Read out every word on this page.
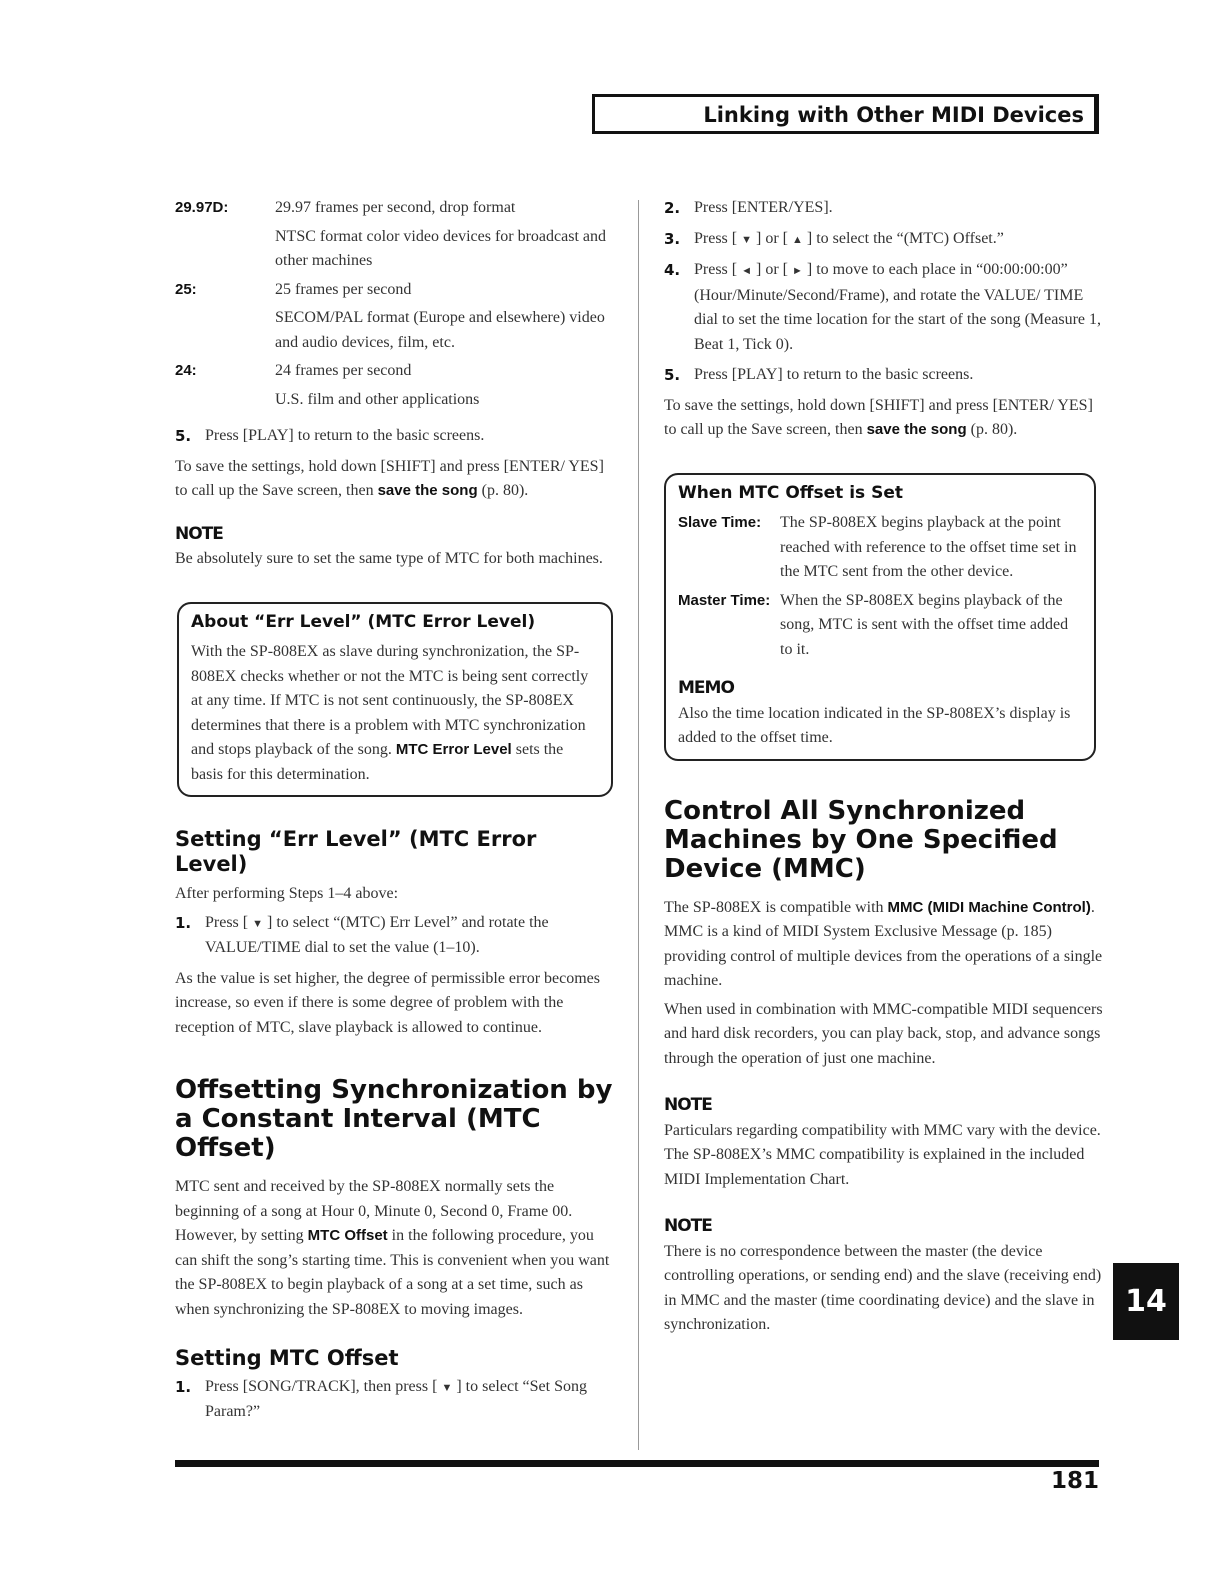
Linking with Other MIDI Devices
29.97D:	29.97 frames per second, drop format
NTSC format color video devices for broadcast and other machines
25:	25 frames per second
SECOM/PAL format (Europe and elsewhere) video and audio devices, film, etc.
24:	24 frames per second
U.S. film and other applications
5. Press [PLAY] to return to the basic screens.

To save the settings, hold down [SHIFT] and press [ENTER/ YES] to call up the Save screen, then save the song (p. 80).

NOTE

Be absolutely sure to set the same type of MTC for both machines.

About “Err Level” (MTC Error Level)

With the SP-808EX as slave during synchronization, the SP-808EX checks whether or not the MTC is being sent correctly at any time. If MTC is not sent continuously, the SP-808EX determines that there is a problem with MTC synchronization and stops playback of the song. MTC Error Level sets the basis for this determination.

Setting “Err Level” (MTC Error Level)

After performing Steps 1–4 above:

1. Press [ ▼ ] to select “(MTC) Err Level” and rotate the VALUE/TIME dial to set the value (1–10).

As the value is set higher, the degree of permissible error becomes increase, so even if there is some degree of problem with the reception of MTC, slave playback is allowed to continue.

Offsetting Synchronization by a Constant Interval (MTC Offset)

MTC sent and received by the SP-808EX normally sets the beginning of a song at Hour 0, Minute 0, Second 0, Frame 00. However, by setting MTC Offset in the following procedure, you can shift the song’s starting time. This is convenient when you want the SP-808EX to begin playback of a song at a set time, such as when synchronizing the SP-808EX to moving images.

Setting MTC Offset
1. Press [SONG/TRACK], then press [ ▼ ] to select “Set Song Param?”
2. Press [ENTER/YES].
3. Press [ ▼ ] or [ ▲ ] to select the “(MTC) Offset.”
4. Press [ ◄ ] or [ ► ] to move to each place in “00:00:00:00” (Hour/Minute/Second/Frame), and rotate the VALUE/ TIME dial to set the time location for the start of the song (Measure 1, Beat 1, Tick 0).
5. Press [PLAY] to return to the basic screens.

To save the settings, hold down [SHIFT] and press [ENTER/ YES] to call up the Save screen, then save the song (p. 80).

When MTC Offset is Set
Slave Time:	The SP-808EX begins playback at the point reached with reference to the offset time set in the MTC sent from the other device.
Master Time: When the SP-808EX begins playback of the song, MTC is sent with the offset time added to it.
MEMO

Also the time location indicated in the SP-808EX’s display is added to the offset time.

Control All Synchronized Machines by One Specified Device (MMC)

The SP-808EX is compatible with MMC (MIDI Machine Control). MMC is a kind of MIDI System Exclusive Message (p. 185) providing control of multiple devices from the operations of a single machine.

When used in combination with MMC-compatible MIDI sequencers and hard disk recorders, you can play back, stop, and advance songs through the operation of just one machine.

NOTE

Particulars regarding compatibility with MMC vary with the device. The SP-808EX’s MMC compatibility is explained in the included MIDI Implementation Chart.

NOTE

There is no correspondence between the master (the device controlling operations, or sending end) and the slave (receiving end) in MMC and the master (time coordinating device) and the slave in synchronization.

181
14
